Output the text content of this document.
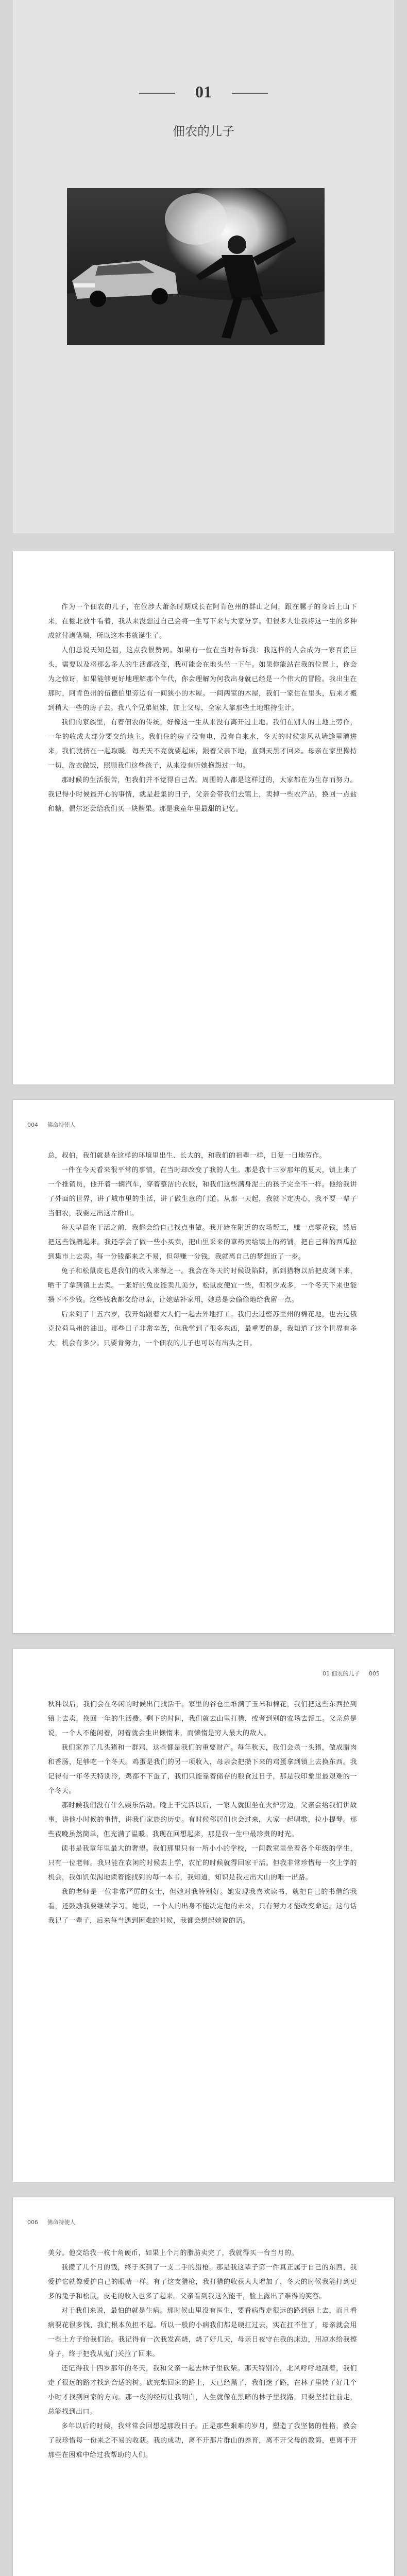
01
佃农的儿子

作为一个佃农的儿子，在位涉大萧条时期成长在阿肯色州的群山之间，跟在骡子的身后上山下来，在棚北放牛看着，我从来没想过自己会将一生写下来与大家分享。但很多人让我将这一生的多种成就付诸笔端，所以这本书就诞生了。

人们总说天知是福，这点我很赞同。如果有一位在当时告诉我：我这样的人会成为一家百货巨头，需要以及将那么多人的生活都改变，我可能会在地头坐一下午。如果你能站在我的位置上，你会为之惊讶，如果能够更好地理解那个年代，你会理解为何我出身就已经是一个伟大的冒险。我出生在那时，阿肯色州的伍德伯里旁边有一间狭小的木屋。一间两室的木屋，我们一家住在里头，后来才搬到稍大一些的房子去。我八个兄弟姐妹，加上父母，全家人靠那些土地维持生计。

我们的家族里，有着佃农的传统，好像这一生从来没有离开过土地。我们在别人的土地上劳作，一年的收成大部分要交给地主。我们住的房子没有电，没有自来水，冬天的时候寒风从墙缝里灌进来，我们就挤在一起取暖。每天天不亮就要起床，跟着父亲下地，直到天黑才回来。母亲在家里操持一切，洗衣做饭，照顾我们这些孩子，从来没有听她抱怨过一句。

那时候的生活很苦，但我们并不觉得自己苦。周围的人都是这样过的，大家都在为生存而努力。我记得小时候最开心的事情，就是赶集的日子，父亲会带我们去镇上，卖掉一些农产品，换回一点盐和糖，偶尔还会给我们买一块糖果。那是我童年里最甜的记忆。

004 佛命特使人

总，叔伯，我们就是在这样的环境里出生、长大的，和我们的祖辈一样，日复一日地劳作。

一件在今天看来很平常的事情，在当时却改变了我的人生。那是我十三岁那年的夏天，镇上来了一个推销员，他开着一辆汽车，穿着整洁的衣服，和我们这些满身泥土的孩子完全不一样。他给我讲了外面的世界，讲了城市里的生活，讲了做生意的门道。从那一天起，我就下定决心，我不要一辈子当佃农，我要走出这片群山。

每天早晨在干活之前，我都会给自己找点事做。我开始在附近的农场帮工，赚一点零花钱，然后把这些钱攒起来。我还学会了做一些小买卖，把山里采来的草药卖给镇上的药铺，把自己种的西瓜拉到集市上去卖。每一分钱都来之不易，但每赚一分钱，我就离自己的梦想近了一步。

兔子和松鼠皮也是我们的收入来源之一。我会在冬天的时候设陷阱，抓到猎物以后把皮剥下来，晒干了拿到镇上去卖。一张好的兔皮能卖几美分，松鼠皮便宜一些，但积少成多，一个冬天下来也能攒下不少钱。这些钱我都交给母亲，让她贴补家用，她总是会偷偷地给我留一点。

后来到了十五六岁，我开始跟着大人们一起去外地打工。我们去过密苏里州的棉花地，也去过俄克拉荷马州的油田。那些日子非常辛苦，但我学到了很多东西，最重要的是，我知道了这个世界有多大，机会有多少。只要肯努力，一个佃农的儿子也可以有出头之日。

01 佃农的儿子 005

秋种以后，我们会在冬闲的时候出门找活干。家里的谷仓里堆满了玉米和棉花，我们把这些东西拉到镇上去卖，换回一年的生活费。剩下的时间，我们就去山里打猎，或者到别的农场去帮工。父亲总是说，一个人不能闲着，闲着就会生出懒惰来，而懒惰是穷人最大的敌人。

我们家养了几头猪和一群鸡，这些都是我们的重要财产。每年秋天，我们会杀一头猪，做成腊肉和香肠，足够吃一个冬天。鸡蛋是我们的另一项收入，母亲会把攒下来的鸡蛋拿到镇上去换东西。我记得有一年冬天特别冷，鸡都不下蛋了，我们只能靠着储存的粮食过日子，那是我印象里最艰难的一个冬天。

那时候我们没有什么娱乐活动。晚上干完活以后，一家人就围坐在火炉旁边，父亲会给我们讲故事，讲他小时候的事情，讲我们家族的历史。有时候邻居们也会过来，大家一起唱歌，拉小提琴。那些夜晚虽然简单，但充满了温暖。我现在回想起来，那是我一生中最珍贵的时光。

读书是我童年里最大的奢望。我们那里只有一所小小的学校，一间教室里坐着各个年级的学生，只有一位老师。我只能在农闲的时候去上学，农忙的时候就得回家干活。但我非常珍惜每一次上学的机会，我如饥似渴地读着能找到的每一本书，我知道，知识是我走出大山的唯一出路。

我的老师是一位非常严厉的女士，但她对我特别好。她发现我喜欢读书，就把自己的书借给我看，还鼓励我要继续学习。她说，一个人的出身不能决定他的未来，只有努力才能改变命运。这句话我记了一辈子，后来每当遇到困难的时候，我都会想起她说的话。

006 佛命特使人

美分。他交给我一枚十角硬币，如果上个月的脂肪卖完了，我就得买一台当月的。

我攒了几个月的钱，终于买到了一支二手的猎枪。那是我这辈子第一件真正属于自己的东西，我爱护它就像爱护自己的眼睛一样。有了这支猎枪，我打猎的收获大大增加了，冬天的时候我能打到更多的兔子和松鼠，皮毛的收入也多了起来。父亲看到我这么能干，脸上露出了难得的笑容。

对于我们来说，最怕的就是生病。那时候山里没有医生，要看病得走很远的路到镇上去，而且看病要花很多钱，我们根本负担不起。所以一般的小病我们都是硬扛过去，实在扛不住了，母亲就会用一些土方子给我们治。我记得有一次我发高烧，烧了好几天，母亲日夜守在我的床边，用凉水给我擦身子，终于把我从鬼门关拉了回来。

还记得我十四岁那年的冬天，我和父亲一起去林子里砍柴。那天特别冷，北风呼呼地刮着，我们走了很远的路才找到合适的树。砍完柴回家的路上，天已经黑了，我们迷了路，在林子里转了好几个小时才找到回家的方向。那一夜的经历让我明白，人生就像在黑暗的林子里找路，只要坚持往前走，总能找到出口。

多年以后的时候，我常常会回想起那段日子。正是那些艰难的岁月，塑造了我坚韧的性格，教会了我珍惜每一份来之不易的收获。我的成功，离不开那片群山的养育，离不开父母的教诲，更离不开那些在困难中给过我帮助的人们。
